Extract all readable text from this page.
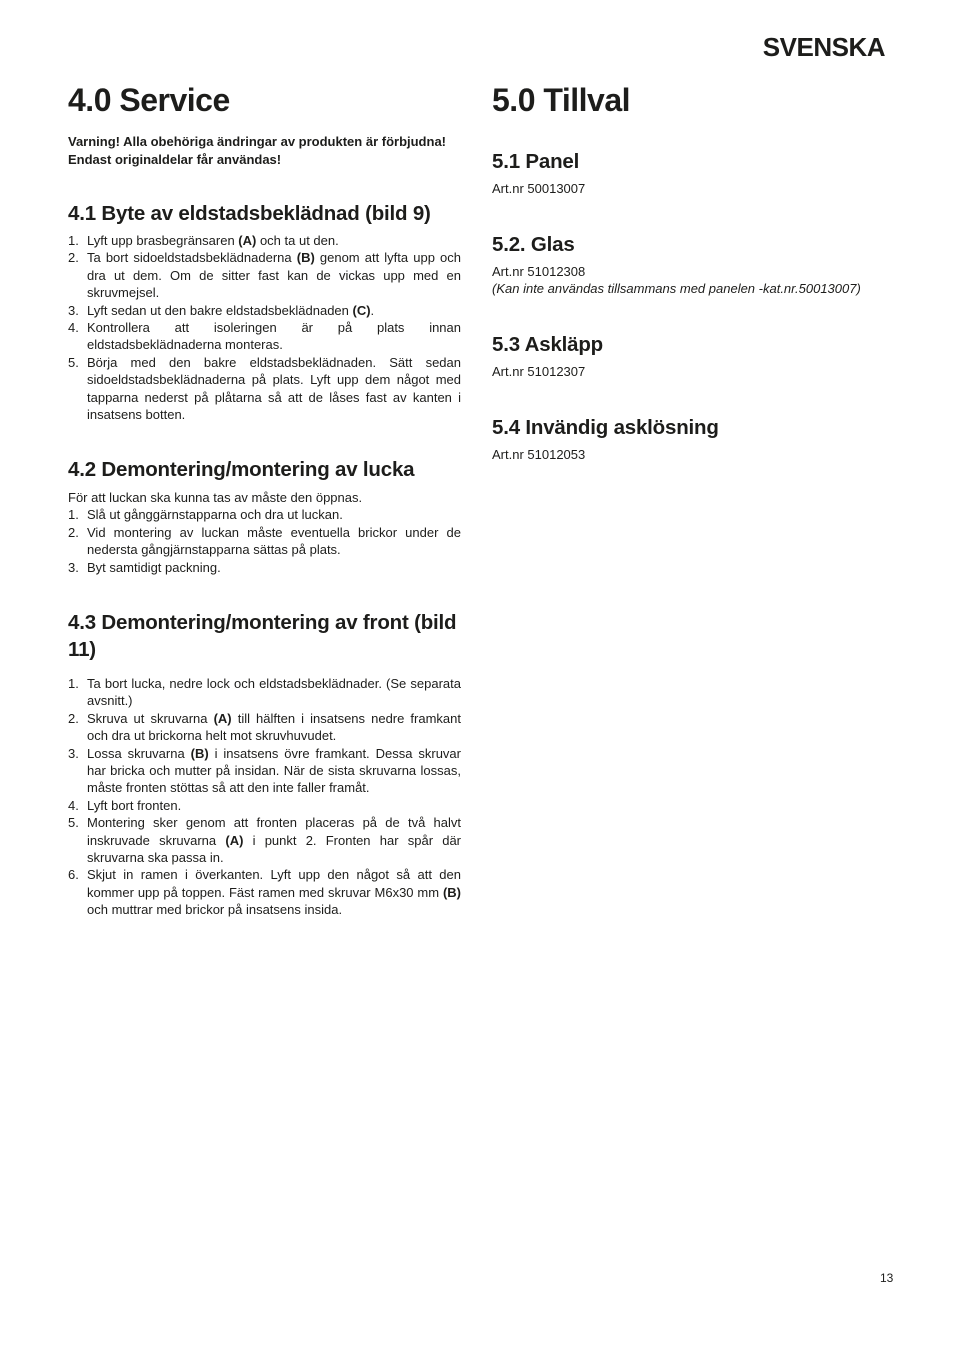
SVENSKA
4.0 Service

Varning! Alla obehöriga ändringar av produkten är förbjudna! Endast originaldelar får användas!

4.1 Byte av eldstadsbeklädnad (bild 9)
1. Lyft upp brasbegränsaren (A) och ta ut den.
2. Ta bort sidoeldstadsbeklädnaderna (B) genom att lyfta upp och dra ut dem. Om de sitter fast kan de vickas upp med en skruvmejsel.
3. Lyft sedan ut den bakre eldstadsbeklädnaden (C).
4. Kontrollera att isoleringen är på plats innan eldstadsbeklädnaderna monteras.
5. Börja med den bakre eldstadsbeklädnaden. Sätt sedan sidoeldstadsbeklädnaderna på plats. Lyft upp dem något med tapparna nederst på plåtarna så att de låses fast av kanten i insatsens botten.
4.2 Demontering/montering av lucka

För att luckan ska kunna tas av måste den öppnas.

1. Slå ut gånggärnstapparna och dra ut luckan.
2. Vid montering av luckan måste eventuella brickor under de nedersta gångjärnstapparna sättas på plats.
3. Byt samtidigt packning.
4.3 Demontering/montering av front (bild 11)
1. Ta bort lucka, nedre lock och eldstadsbeklädnader. (Se separata avsnitt.)
2. Skruva ut skruvarna (A) till hälften i insatsens nedre framkant och dra ut brickorna helt mot skruvhuvudet.
3. Lossa skruvarna (B) i insatsens övre framkant. Dessa skruvar har bricka och mutter på insidan. När de sista skruvarna lossas, måste fronten stöttas så att den inte faller framåt.
4. Lyft bort fronten.
5. Montering sker genom att fronten placeras på de två halvt inskruvade skruvarna (A) i punkt 2. Fronten har spår där skruvarna ska passa in.
6. Skjut in ramen i överkanten. Lyft upp den något så att den kommer upp på toppen. Fäst ramen med skruvar M6x30 mm (B) och muttrar med brickor på insatsens insida.
5.0 Tillval
5.1 Panel

Art.nr 50013007

5.2. Glas

Art.nr 51012308

(Kan inte användas tillsammans med panelen -kat.nr.50013007)

5.3 Askläpp

Art.nr 51012307

5.4 Invändig asklösning

Art.nr 51012053

13
